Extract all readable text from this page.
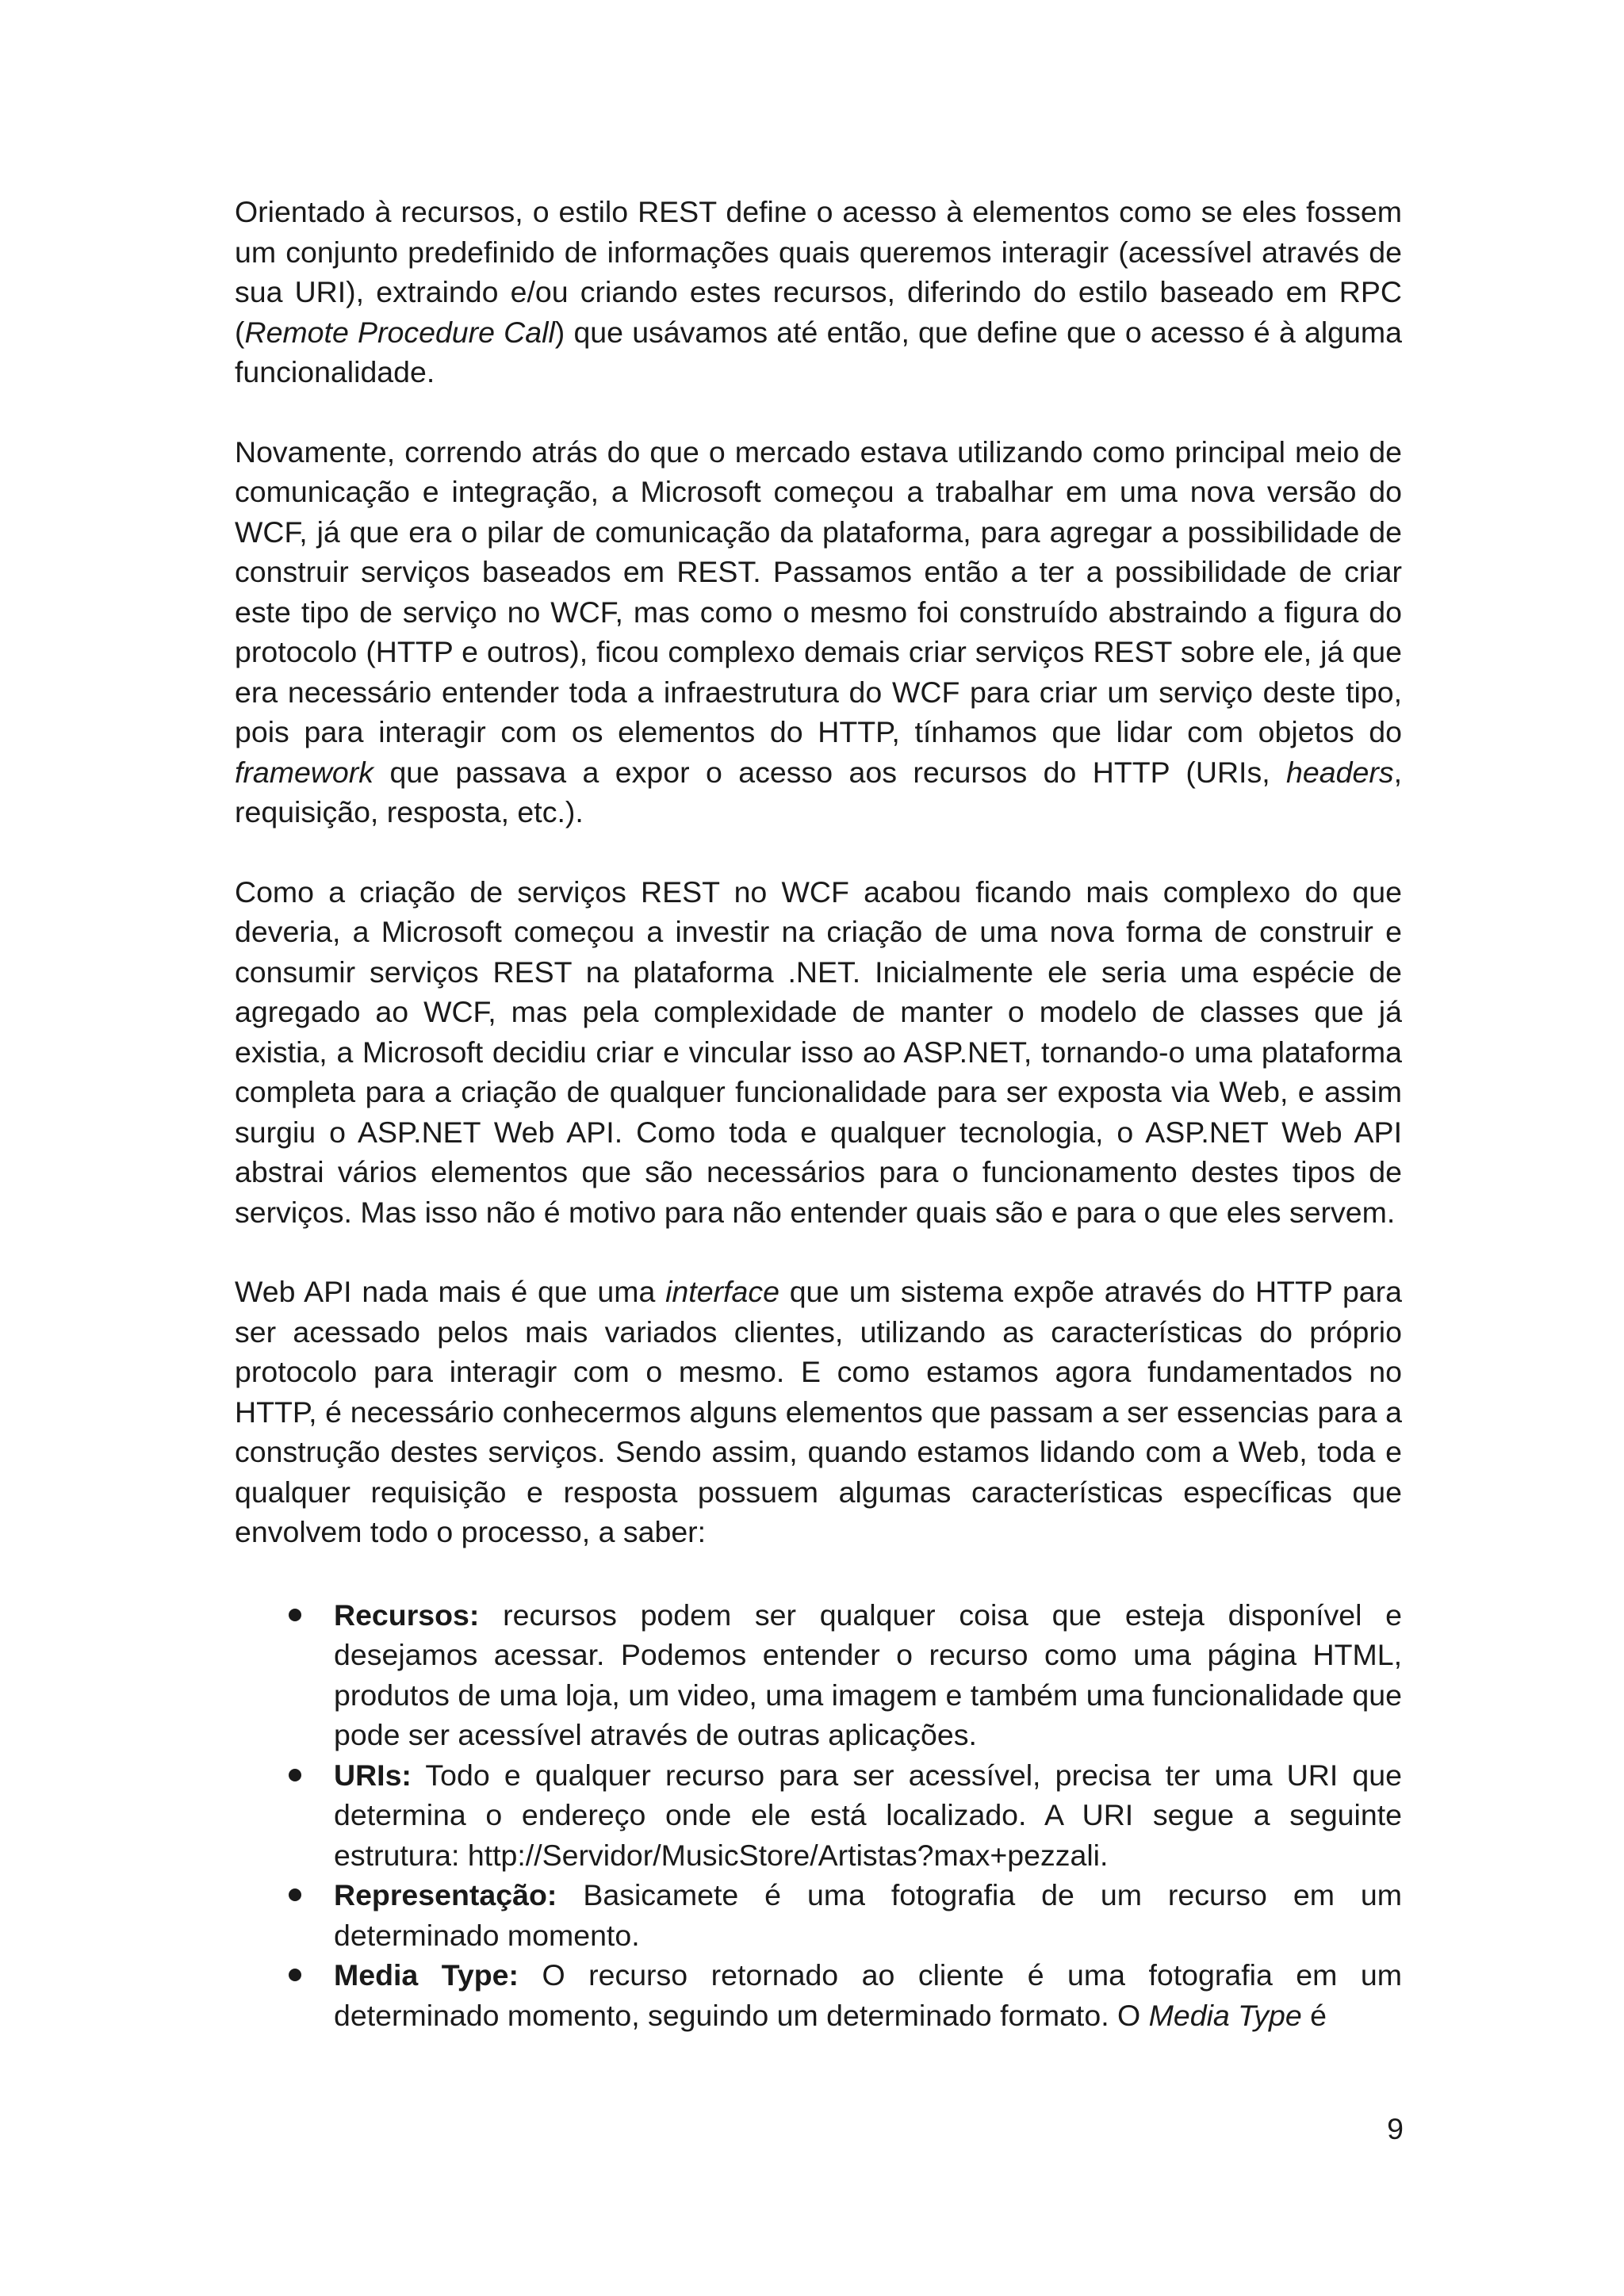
Orientado à recursos, o estilo REST define o acesso à elementos como se eles fossem um conjunto predefinido de informações quais queremos interagir (acessível através de sua URI), extraindo e/ou criando estes recursos, diferindo do estilo baseado em RPC (Remote Procedure Call) que usávamos até então, que define que o acesso é à alguma funcionalidade.

Novamente, correndo atrás do que o mercado estava utilizando como principal meio de comunicação e integração, a Microsoft começou a trabalhar em uma nova versão do WCF, já que era o pilar de comunicação da plataforma, para agregar a possibilidade de construir serviços baseados em REST. Passamos então a ter a possibilidade de criar este tipo de serviço no WCF, mas como o mesmo foi construído abstraindo a figura do protocolo (HTTP e outros), ficou complexo demais criar serviços REST sobre ele, já que era necessário entender toda a infraestrutura do WCF para criar um serviço deste tipo, pois para interagir com os elementos do HTTP, tínhamos que lidar com objetos do framework que passava a expor o acesso aos recursos do HTTP (URIs, headers, requisição, resposta, etc.).

Como a criação de serviços REST no WCF acabou ficando mais complexo do que deveria, a Microsoft começou a investir na criação de uma nova forma de construir e consumir serviços REST na plataforma .NET. Inicialmente ele seria uma espécie de agregado ao WCF, mas pela complexidade de manter o modelo de classes que já existia, a Microsoft decidiu criar e vincular isso ao ASP.NET, tornando-o uma plataforma completa para a criação de qualquer funcionalidade para ser exposta via Web, e assim surgiu o ASP.NET Web API. Como toda e qualquer tecnologia, o ASP.NET Web API abstrai vários elementos que são necessários para o funcionamento destes tipos de serviços. Mas isso não é motivo para não entender quais são e para o que eles servem.

Web API nada mais é que uma interface que um sistema expõe através do HTTP para ser acessado pelos mais variados clientes, utilizando as características do próprio protocolo para interagir com o mesmo. E como estamos agora fundamentados no HTTP, é necessário conhecermos alguns elementos que passam a ser essencias para a construção destes serviços. Sendo assim, quando estamos lidando com a Web, toda e qualquer requisição e resposta possuem algumas características específicas que envolvem todo o processo, a saber:

Recursos: recursos podem ser qualquer coisa que esteja disponível e desejamos acessar. Podemos entender o recurso como uma página HTML, produtos de uma loja, um video, uma imagem e também uma funcionalidade que pode ser acessível através de outras aplicações.
URIs: Todo e qualquer recurso para ser acessível, precisa ter uma URI que determina o endereço onde ele está localizado. A URI segue a seguinte estrutura: http://Servidor/MusicStore/Artistas?max+pezzali.
Representação: Basicamete é uma fotografia de um recurso em um determinado momento.
Media Type: O recurso retornado ao cliente é uma fotografia em um determinado momento, seguindo um determinado formato. O Media Type é
9
